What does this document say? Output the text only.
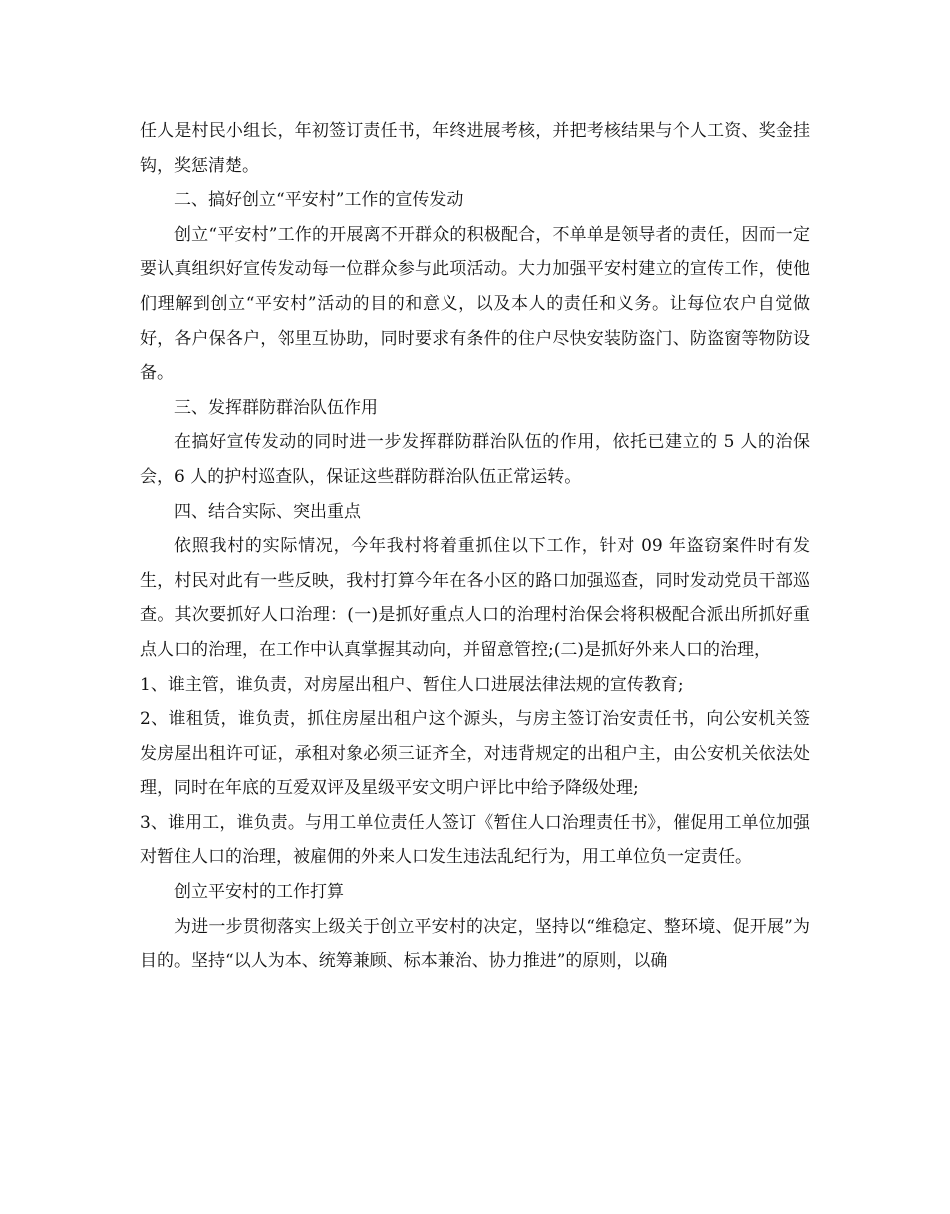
任人是村民小组长，年初签订责任书，年终进展考核，并把考核结果与个人工资、奖金挂钩，奖惩清楚。

二、搞好创立“平安村”工作的宣传发动

创立“平安村”工作的开展离不开群众的积极配合，不单单是领导者的责任，因而一定要认真组织好宣传发动每一位群众参与此项活动。大力加强平安村建立的宣传工作，使他们理解到创立“平安村”活动的目的和意义，以及本人的责任和义务。让每位农户自觉做好，各户保各户，邻里互协助，同时要求有条件的住户尽快安装防盗门、防盗窗等物防设备。

三、发挥群防群治队伍作用

在搞好宣传发动的同时进一步发挥群防群治队伍的作用，依托已建立的 5 人的治保会，6 人的护村巡查队，保证这些群防群治队伍正常运转。

四、结合实际、突出重点

依照我村的实际情况，今年我村将着重抓住以下工作，针对 09 年盗窃案件时有发生，村民对此有一些反映，我村打算今年在各小区的路口加强巡查，同时发动党员干部巡查。其次要抓好人口治理：(一)是抓好重点人口的治理村治保会将积极配合派出所抓好重点人口的治理，在工作中认真掌握其动向，并留意管控;(二)是抓好外来人口的治理，

1、谁主管，谁负责，对房屋出租户、暂住人口进展法律法规的宣传教育;

2、谁租赁，谁负责，抓住房屋出租户这个源头，与房主签订治安责任书，向公安机关签发房屋出租许可证，承租对象必须三证齐全，对违背规定的出租户主，由公安机关依法处理，同时在年底的互爱双评及星级平安文明户评比中给予降级处理;

3、谁用工，谁负责。与用工单位责任人签订《暂住人口治理责任书》，催促用工单位加强对暂住人口的治理，被雇佣的外来人口发生违法乱纪行为，用工单位负一定责任。

创立平安村的工作打算

为进一步贯彻落实上级关于创立平安村的决定，坚持以“维稳定、整环境、促开展”为目的。坚持“以人为本、统筹兼顾、标本兼治、协力推进”的原则，以确
